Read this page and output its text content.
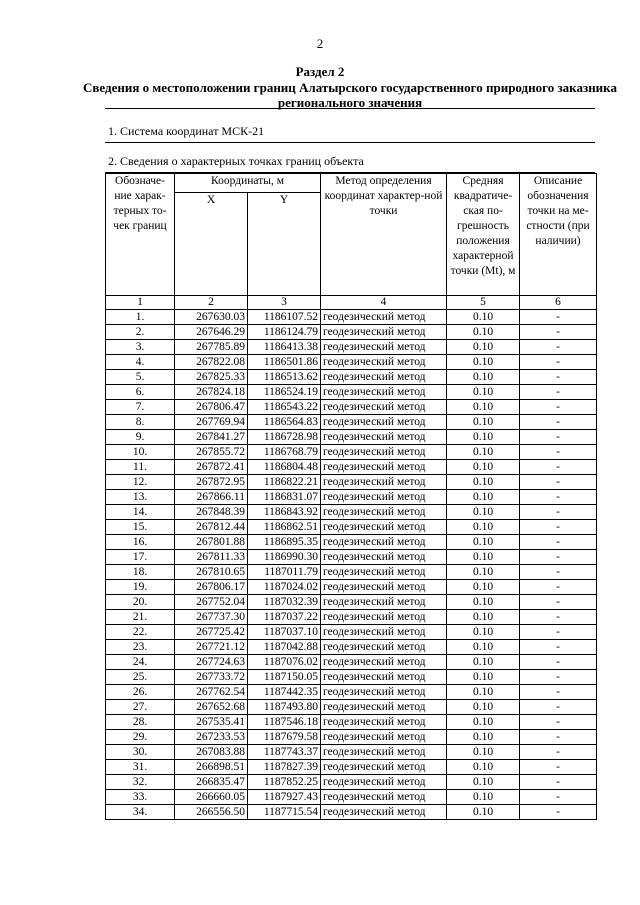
2
Раздел 2
Сведения о местоположении границ Алатырского государственного природного заказника регионального значения
1. Система координат МСК-21
2. Сведения о характерных точках границ объекта
Обозначе-ние харак-терных то-чек границ	Координаты, м		Метод определения координат характер-ной точки	Средняя квадратиче-ская по-грешность положения характерной точки (Мt), м	Описание обозначения точки на ме-стности (при наличии)
	X	Y			
1	2	3	4	5	6
1.	267630.03	1186107.52	геодезический метод	0.10	-
2.	267646.29	1186124.79	геодезический метод	0.10	-
3.	267785.89	1186413.38	геодезический метод	0.10	-
4.	267822.08	1186501.86	геодезический метод	0.10	-
5.	267825.33	1186513.62	геодезический метод	0.10	-
6.	267824.18	1186524.19	геодезический метод	0.10	-
7.	267806.47	1186543.22	геодезический метод	0.10	-
8.	267769.94	1186564.83	геодезический метод	0.10	-
9.	267841.27	1186728.98	геодезический метод	0.10	-
10.	267855.72	1186768.79	геодезический метод	0.10	-
11.	267872.41	1186804.48	геодезический метод	0.10	-
12.	267872.95	1186822.21	геодезический метод	0.10	-
13.	267866.11	1186831.07	геодезический метод	0.10	-
14.	267848.39	1186843.92	геодезический метод	0.10	-
15.	267812.44	1186862.51	геодезический метод	0.10	-
16.	267801.88	1186895.35	геодезический метод	0.10	-
17.	267811.33	1186990.30	геодезический метод	0.10	-
18.	267810.65	1187011.79	геодезический метод	0.10	-
19.	267806.17	1187024.02	геодезический метод	0.10	-
20.	267752.04	1187032.39	геодезический метод	0.10	-
21.	267737.30	1187037.22	геодезический метод	0.10	-
22.	267725.42	1187037.10	геодезический метод	0.10	-
23.	267721.12	1187042.88	геодезический метод	0.10	-
24.	267724.63	1187076.02	геодезический метод	0.10	-
25.	267733.72	1187150.05	геодезический метод	0.10	-
26.	267762.54	1187442.35	геодезический метод	0.10	-
27.	267652.68	1187493.80	геодезический метод	0.10	-
28.	267535.41	1187546.18	геодезический метод	0.10	-
29.	267233.53	1187679.58	геодезический метод	0.10	-
30.	267083.88	1187743.37	геодезический метод	0.10	-
31.	266898.51	1187827.39	геодезический метод	0.10	-
32.	266835.47	1187852.25	геодезический метод	0.10	-
33.	266660.05	1187927.43	геодезический метод	0.10	-
34.	266556.50	1187715.54	геодезический метод	0.10	-
